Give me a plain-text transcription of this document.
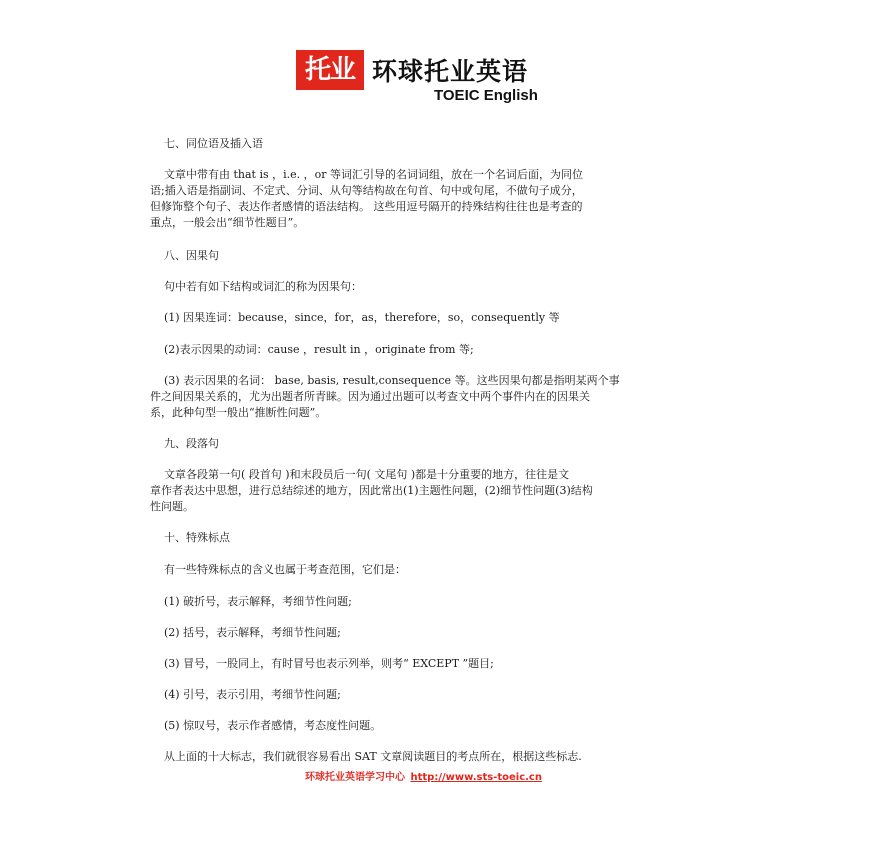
托业 环球托业英语
TOEIC English
七、同位语及插入语
文章中带有由 that is ，i.e. ，or 等词汇引导的名词词组，放在一个名词后面，为同位
语;插入语是指副词、不定式、分词、从句等结构故在句首、句中或句尾，不做句子成分，
但修饰整个句子、表达作者感情的语法结构。 这些用逗号隔开的持殊结构往往也是考查的
重点，一般会出“细节性题目”。
八、因果句
句中若有如下结构或词汇的称为因果句：
(1) 因果连词：because，since，for，as，therefore，so，consequently 等
(2)表示因果的动词：cause ，result in ，originate from 等;
(3) 表示因果的名词： base, basis, result,consequence 等。这些因果句都是指明某两个事
件之间因果关系的，尤为出题者所青睐。因为通过出题可以考查文中两个事件内在的因果关
系，此种句型一般出“推断性问题”。
九、段落句
文章各段第一句( 段首句 )和末段员后一句( 文尾句 )都是十分重要的地方，往往是文
章作者表达中思想，进行总结综述的地方，因此常出(1)主题性问题，(2)细节性问题(3)结构
性问题。
十、特殊标点
有一些特殊标点的含义也属于考查范围，它们是：
(1) 破折号，表示解释，考细节性问题;
(2) 括号，表示解释，考细节性问题;
(3) 冒号，一股同上，有时冒号也表示列举，则考“ EXCEPT ”题目;
(4) 引号，表示引用，考细节性问题;
(5) 惊叹号，表示作者感情，考态度性问题。
从上面的十大标志，我们就很容易看出 SAT 文章阅读题目的考点所在，根据这些标志.
环球托业英语学习中心 http://www.sts-toeic.cn
